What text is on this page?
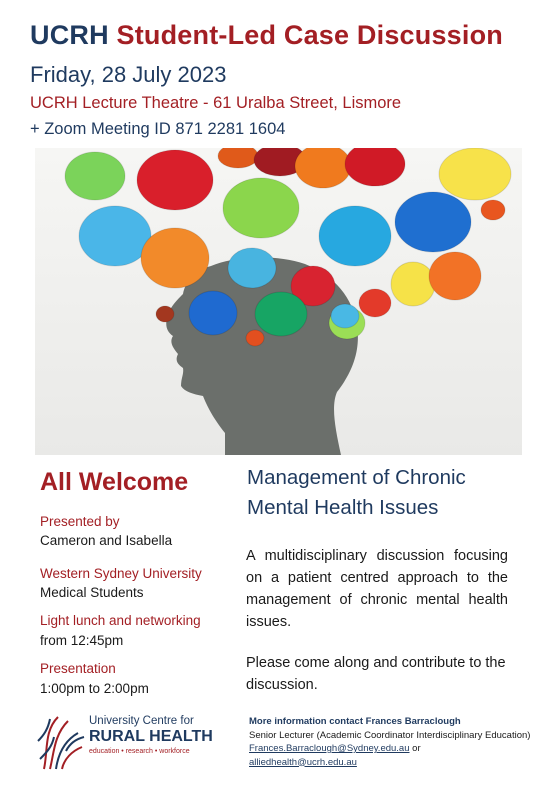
UCRH Student-Led Case Discussion
Friday, 28 July 2023
UCRH Lecture Theatre - 61 Uralba Street, Lismore
+ Zoom Meeting ID 871 2281 1604
All Welcome
Presented by
Cameron and Isabella
Western Sydney University
Medical Students
Light lunch and networking
from 12:45pm
Presentation
1:00pm to 2:00pm
Management of Chronic
Mental Health Issues
A multidisciplinary discussion focusing on a patient centred approach to the management of chronic mental health issues.
Please come along and contribute to the discussion.
University Centre for
RURAL HEALTH
education • research • workforce
More information contact Frances Barraclough
Senior Lecturer (Academic Coordinator Interdisciplinary Education)
Frances.Barraclough@Sydney.edu.au or
alliedhealth@ucrh.edu.au
